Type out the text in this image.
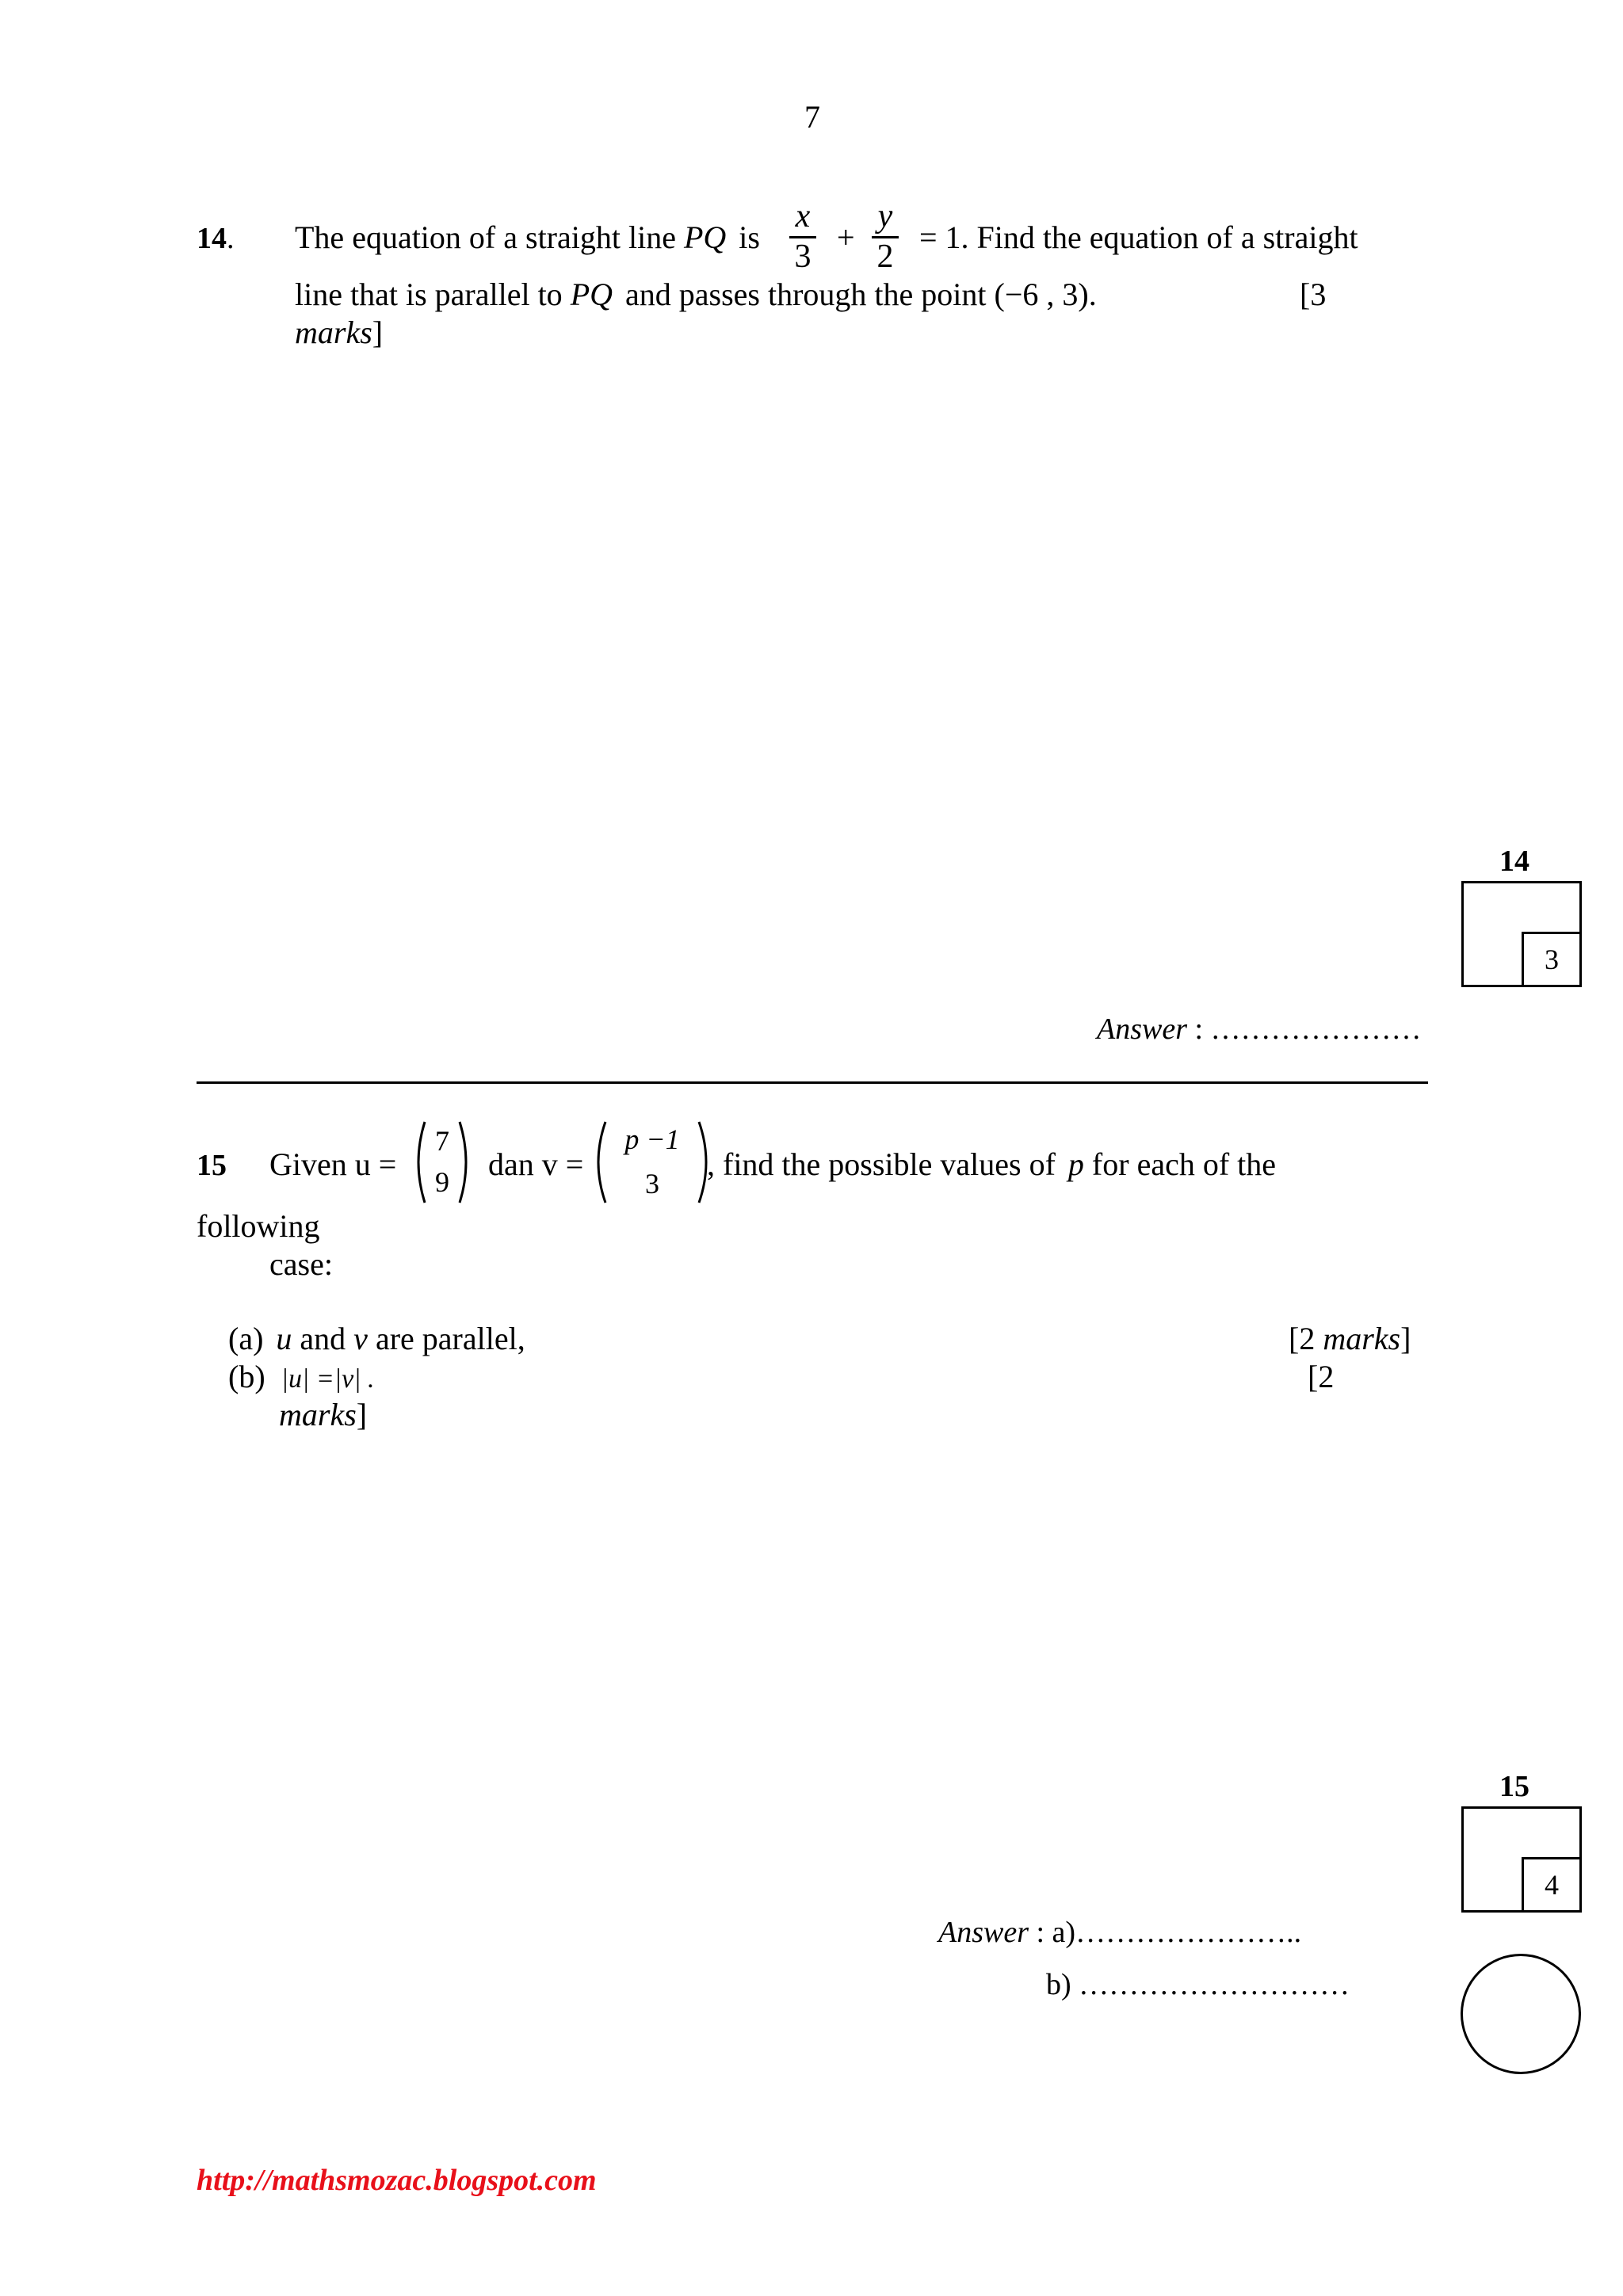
7
14. The equation of a straight line PQ is
x
3
+
y
2
= 1. Find the equation of a straight
line that is parallel to PQ and passes through the point (−6 , 3).	[3
marks]
14
3
Answer : …………………
15 Given u =
7
9	dan v =
p −1
3
, find the possible values of p for each of the
following
case:
(a) u and v are parallel,	[2 marks]
(b) |u| =|v| .	[2
marks]
15
4
Answer : a)…………………..
b) ………………………
http://mathsmozac.blogspot.com
